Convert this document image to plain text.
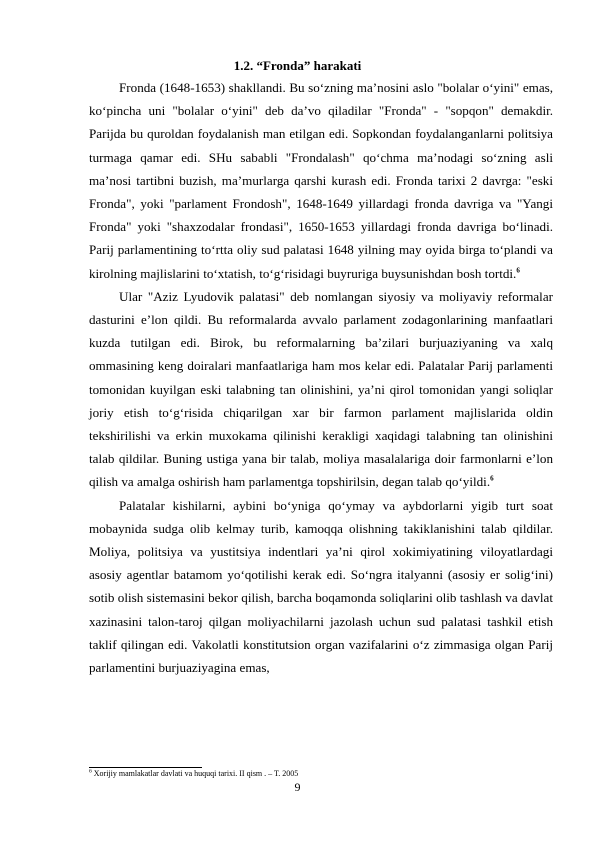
1.2. “Fronda” harakati

Fronda (1648-1653) shakllandi. Bu so‘zning ma’nosini aslo "bolalar o‘yini" emas, ko‘pincha uni "bolalar o‘yini" deb da’vo qiladilar "Fronda" - "sopqon" demakdir. Parijda bu quroldan foydalanish man etilgan edi. Sopkondan foydalanganlarni politsiya turmaga qamar edi. SHu sababli "Frondalash" qo‘chma ma’nodagi so‘zning asli ma’nosi tartibni buzish, ma’murlarga qarshi kurash edi. Fronda tarixi 2 davrga: "eski Fronda", yoki "parlament Frondosh", 1648-1649 yillardagi fronda davriga va "Yangi Fronda" yoki "shaxzodalar frondasi", 1650-1653 yillardagi fronda davriga bo‘linadi. Parij parlamentining to‘rtta oliy sud palatasi 1648 yilning may oyida birga to‘plandi va kirolning majlislarini to‘xtatish, to‘g‘risidagi buyruriga buysunishdan bosh tortdi.$^6$

Ular "Aziz Lyudovik palatasi" deb nomlangan siyosiy va moliyaviy reformalar dasturini e’lon qildi. Bu reformalarda avvalo parlament zodagonlarining manfaatlari kuzda tutilgan edi. Birok, bu reformalarning ba’zilari burjuaziyaning va xalq ommasining keng doiralari manfaatlariga ham mos kelar edi. Palatalar Parij parlamenti tomonidan kuyilgan eski talabning tan olinishini, ya’ni qirol tomonidan yangi soliqlar joriy etish to‘g‘risida chiqarilgan xar bir farmon parlament majlislarida oldin tekshirilishi va erkin muxokama qilinishi kerakligi xaqidagi talabning tan olinishini talab qildilar. Buning ustiga yana bir talab, moliya masalalariga doir farmonlarni e’lon qilish va amalga oshirish ham parlamentga topshirilsin, degan talab qo‘yildi.$^6$

Palatalar kishilarni, aybini bo‘yniga qo‘ymay va aybdorlarni yigib turt soat mobaynida sudga olib kelmay turib, kamoqqa olishning takiklanishini talab qildilar. Moliya, politsiya va yustitsiya indentlari ya’ni qirol xokimiyatining viloyatlardagi asosiy agentlar batamom yo‘qotilishi kerak edi. So‘ngra italyanni (asosiy er solig‘ini) sotib olish sistemasini bekor qilish, barcha boqamonda soliqlarini olib tashlash va davlat xazinasini talon-taroj qilgan moliyachilarni jazolash uchun sud palatasi tashkil etish taklif qilingan edi. Vakolatli konstitutsion organ vazifalarini o‘z zimmasiga olgan Parij parlamentini burjuaziyagina emas,

$^6$ Xorijiy mamlakatlar davlati va huquqi tarixi. II qism . – T. 2005
9
